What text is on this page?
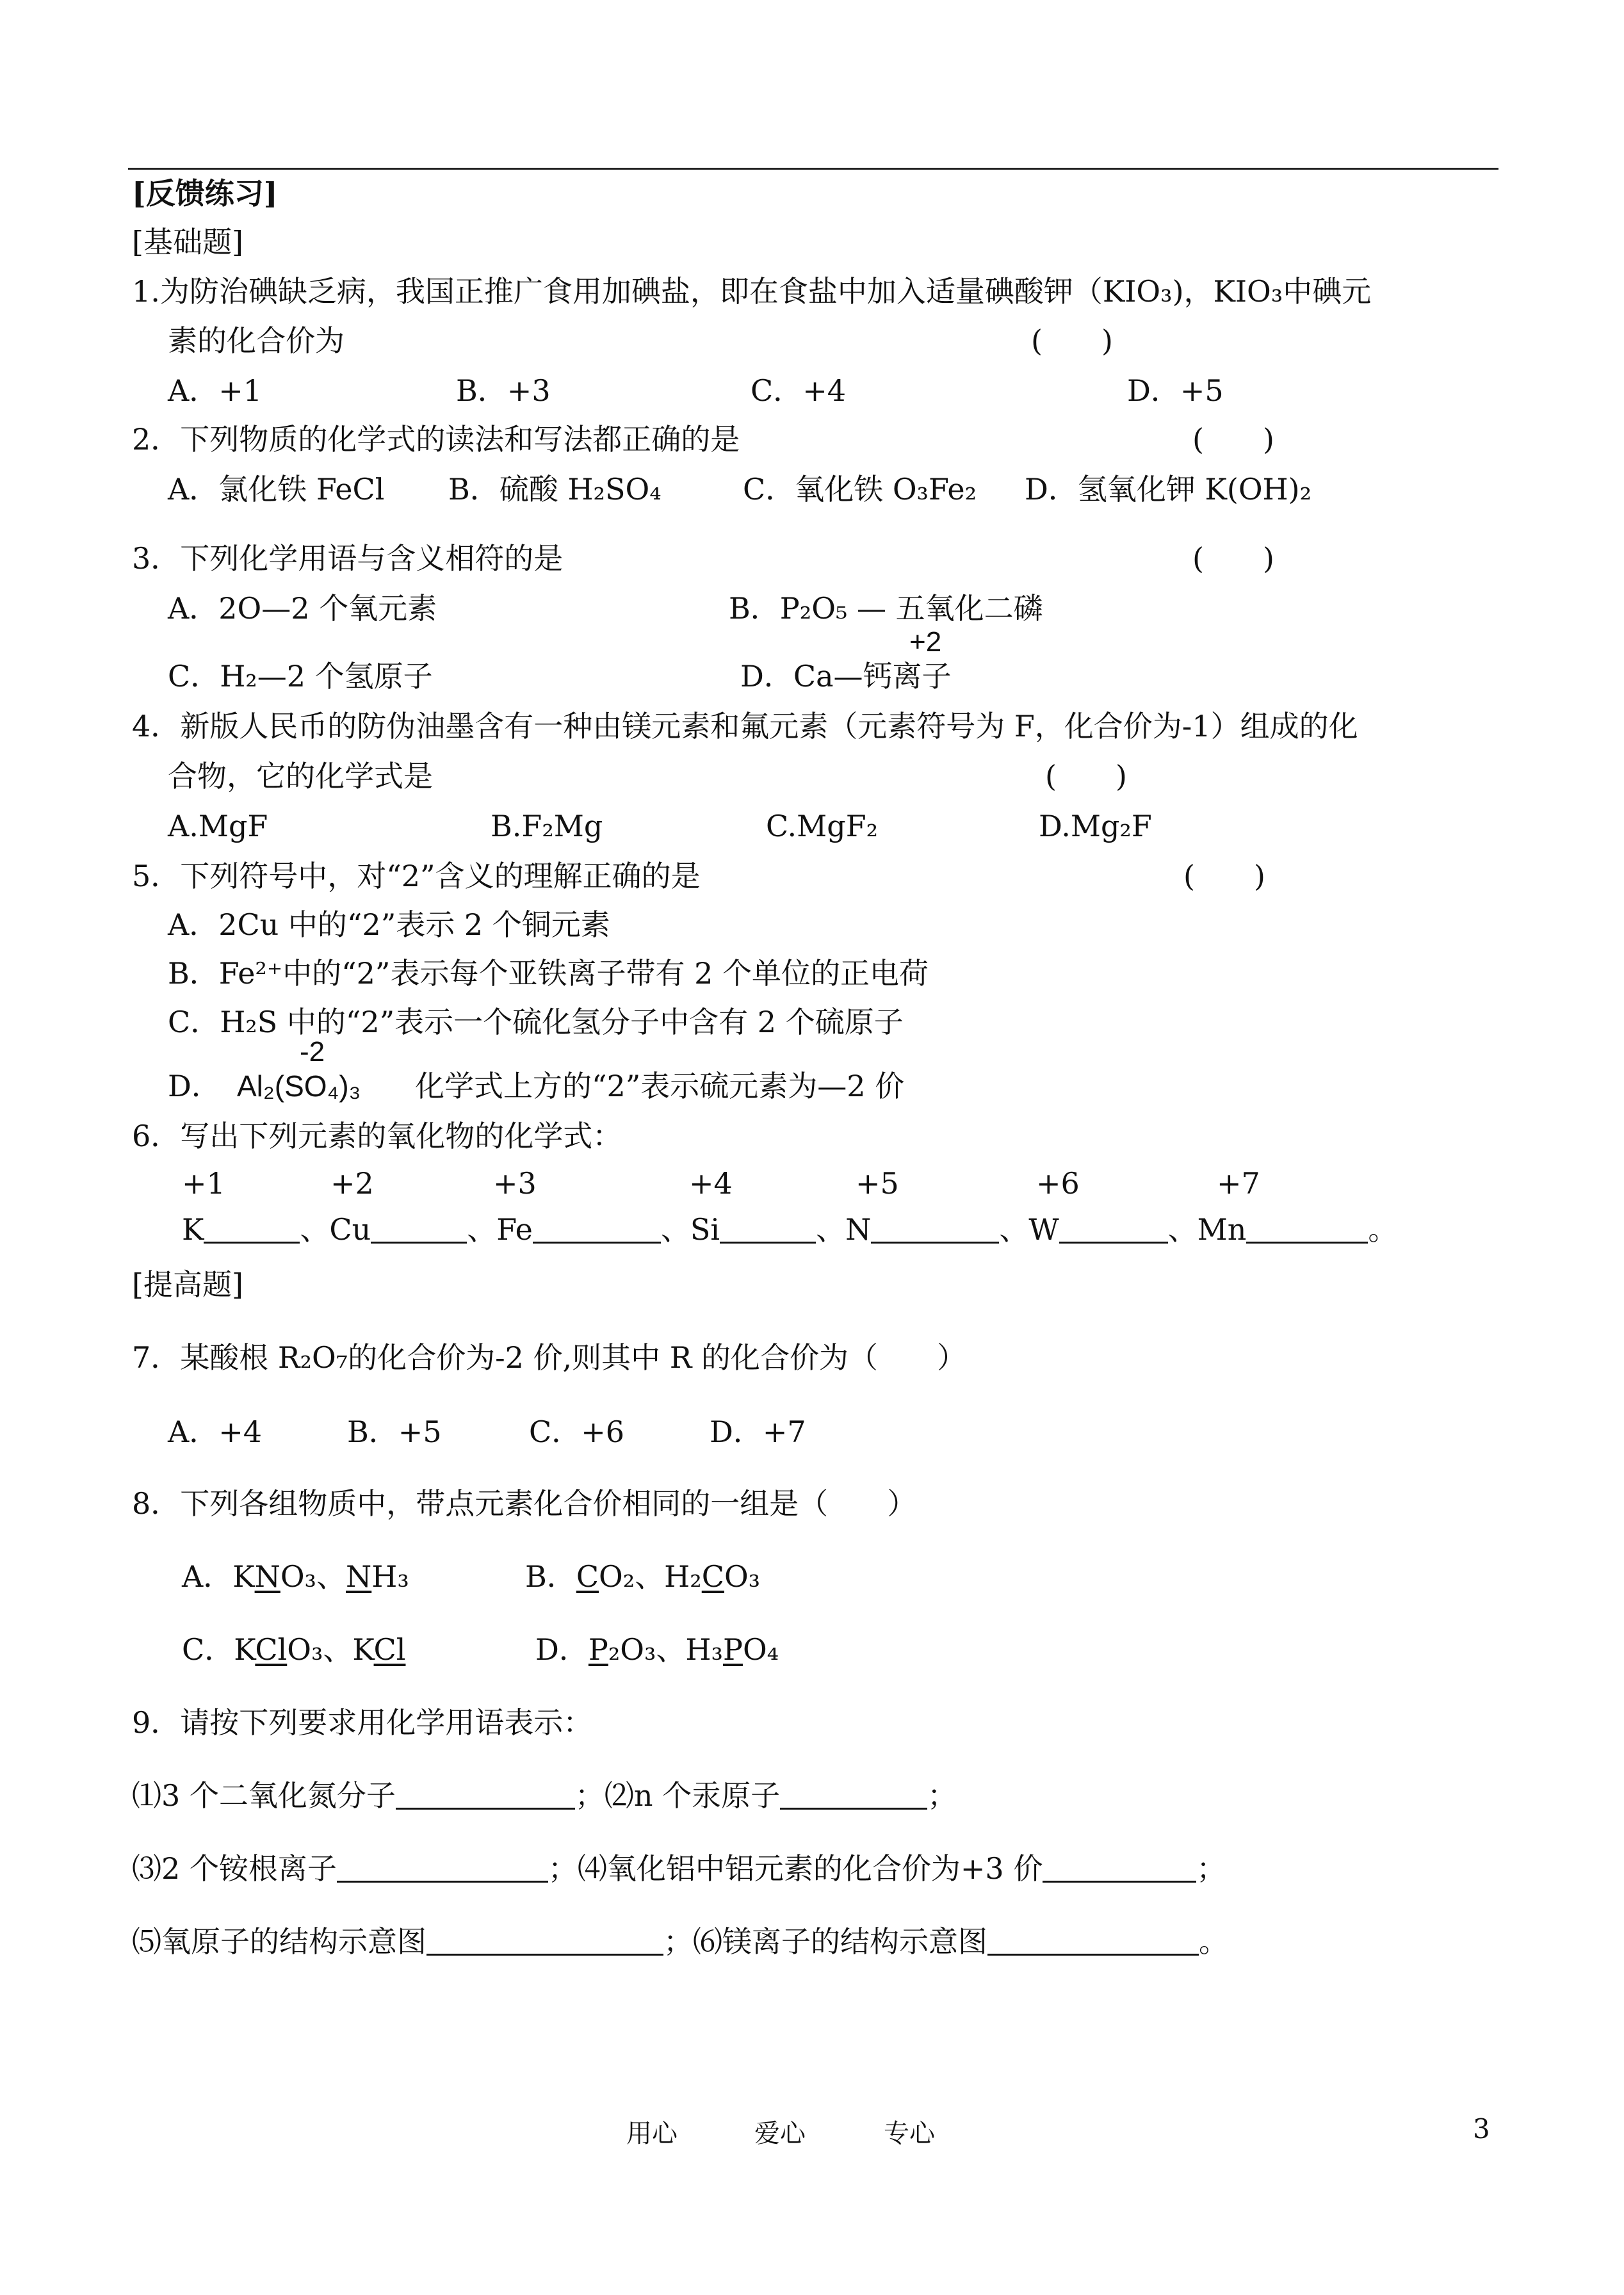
[反馈练习]
[基础题]
1.为防治碘缺乏病，我国正推广食用加碘盐，即在食盐中加入适量碘酸钾（KIO₃)，KIO₃中碘元
素的化合价为	(　　)
A．+1	B．+3	C．+4	D．+5
2．下列物质的化学式的读法和写法都正确的是	(　　)
A．氯化铁 FeCl B．硫酸 H₂SO₄	C．氧化铁 O₃Fe₂ D．氢氧化钾 K(OH)₂
3．下列化学用语与含义相符的是	(　　)
A．2O—2 个氧元素	B．P₂O₅ — 五氧化二磷
+2
C．H₂—2 个氢原子	D．Ca—钙离子
4．新版人民币的防伪油墨含有一种由镁元素和氟元素（元素符号为 F，化合价为-1）组成的化
合物，它的化学式是	(　　)
A.MgF	B.F₂Mg	C.MgF₂	D.Mg₂F
5．下列符号中，对“2”含义的理解正确的是	(　　)
A．2Cu 中的“2”表示 2 个铜元素
B．Fe²⁺中的“2”表示每个亚铁离子带有 2 个单位的正电荷
C．H₂S 中的“2”表示一个硫化氢分子中含有 2 个硫原子
-2
D． Al₂(SO₄)₃ 化学式上方的“2”表示硫元素为—2 价
6．写出下列元素的氧化物的化学式：
+1	+2	+3	+4	+5	+6	+7
K	、Cu	、Fe	、Si	、N	、W	、Mn	。
[提高题]
7．某酸根 R₂O₇的化合价为-2 价,则其中 R 的化合价为（　　）
A．+4	B．+5	C．+6	D．+7
8．下列各组物质中，带点元素化合价相同的一组是（　　）
A．KNO₃、NH₃	B．CO₂、H₂CO₃
C．KClO₃、KCl	D．P₂O₃、H₃PO₄
9．请按下列要求用化学用语表示：
⑴3 个二氧化氮分子	；⑵n 个汞原子	；
⑶2 个铵根离子	；⑷氧化铝中铝元素的化合价为+3 价	；
⑸氧原子的结构示意图	；⑹镁离子的结构示意图	。
用心	爱心	专心	3
